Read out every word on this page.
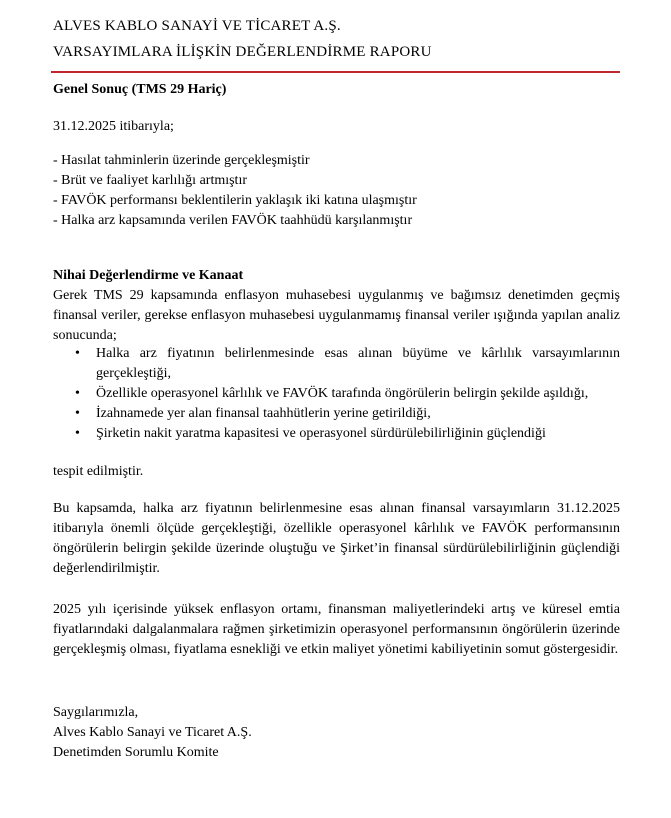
ALVES KABLO SANAYİ VE TİCARET A.Ş.
VARSAYIMLARA İLİŞKİN DEĞERLENDİRME RAPORU
Genel Sonuç (TMS 29 Hariç)
31.12.2025 itibarıyla;
- Hasılat tahminlerin üzerinde gerçekleşmiştir
- Brüt ve faaliyet karlılığı artmıştır
- FAVÖK performansı beklentilerin yaklaşık iki katına ulaşmıştır
- Halka arz kapsamında verilen FAVÖK taahhüdü karşılanmıştır
Nihai Değerlendirme ve Kanaat
Gerek TMS 29 kapsamında enflasyon muhasebesi uygulanmış ve bağımsız denetimden geçmiş finansal veriler, gerekse enflasyon muhasebesi uygulanmamış finansal veriler ışığında yapılan analiz sonucunda;
• Halka arz fiyatının belirlenmesinde esas alınan büyüme ve kârlılık varsayımlarının gerçekleştiği,
• Özellikle operasyonel kârlılık ve FAVÖK tarafında öngörülerin belirgin şekilde aşıldığı,
• İzahnamede yer alan finansal taahhütlerin yerine getirildiği,
• Şirketin nakit yaratma kapasitesi ve operasyonel sürdürülebilirliğinin güçlendiği
tespit edilmiştir.
Bu kapsamda, halka arz fiyatının belirlenmesine esas alınan finansal varsayımların 31.12.2025 itibarıyla önemli ölçüde gerçekleştiği, özellikle operasyonel kârlılık ve FAVÖK performansının öngörülerin belirgin şekilde üzerinde oluştuğu ve Şirket’in finansal sürdürülebilirliğinin güçlendiği değerlendirilmiştir.
2025 yılı içerisinde yüksek enflasyon ortamı, finansman maliyetlerindeki artış ve küresel emtia fiyatlarındaki dalgalanmalara rağmen şirketimizin operasyonel performansının öngörülerin üzerinde gerçekleşmiş olması, fiyatlama esnekliği ve etkin maliyet yönetimi kabiliyetinin somut göstergesidir.
Saygılarımızla,
Alves Kablo Sanayi ve Ticaret A.Ş.
Denetimden Sorumlu Komite
